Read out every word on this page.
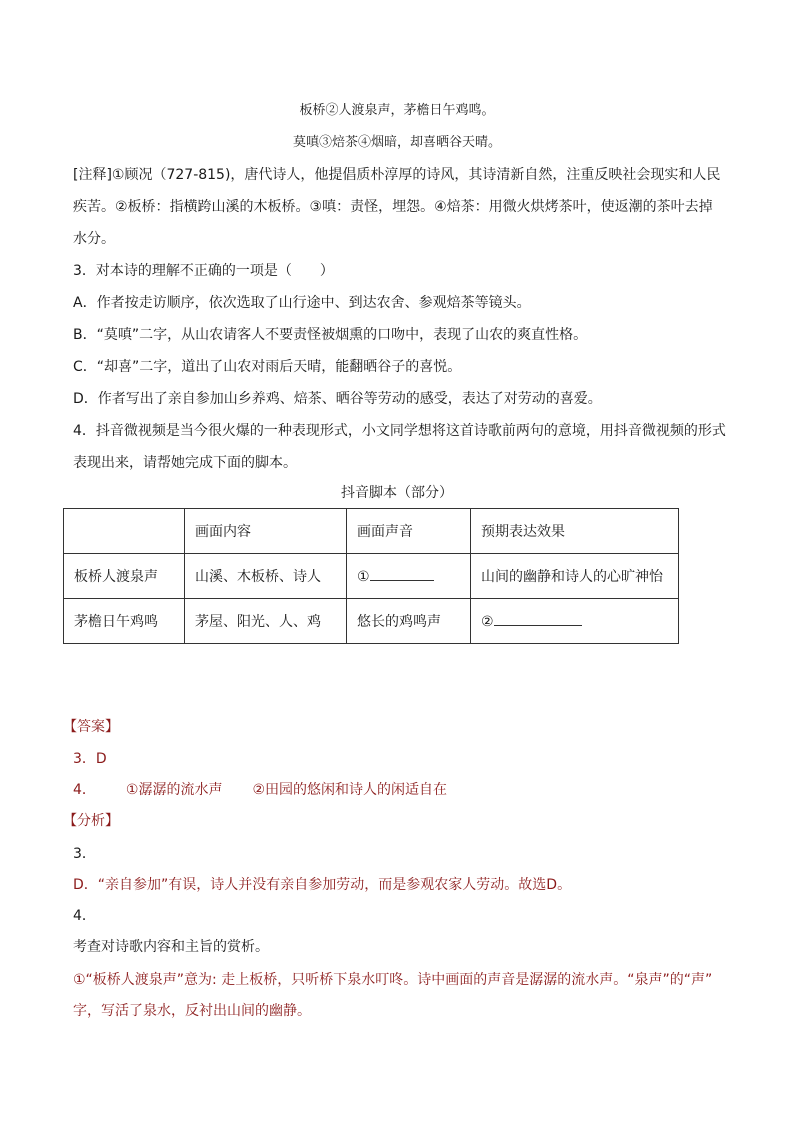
板桥②人渡泉声，茅檐日午鸡鸣。
莫嗔③焙茶④烟暗，却喜晒谷天晴。
[注释]①顾况（727-815)，唐代诗人，他提倡质朴淳厚的诗风，其诗清新自然，注重反映社会现实和人民
疾苦。②板桥：指横跨山溪的木板桥。③嗔：责怪，埋怨。④焙茶：用微火烘烤茶叶，使返潮的茶叶去掉
水分。
3．对本诗的理解不正确的一项是（　　）
A．作者按走访顺序，依次选取了山行途中、到达农舍、参观焙茶等镜头。
B．“莫嗔”二字，从山农请客人不要责怪被烟熏的口吻中，表现了山农的爽直性格。
C．“却喜”二字，道出了山农对雨后天晴，能翻晒谷子的喜悦。
D．作者写出了亲自参加山乡养鸡、焙茶、晒谷等劳动的感受，表达了对劳动的喜爱。
4．抖音微视频是当今很火爆的一种表现形式，小文同学想将这首诗歌前两句的意境，用抖音微视频的形式
表现出来，请帮她完成下面的脚本。
抖音脚本（部分）
	画面内容	画面声音	预期表达效果
板桥人渡泉声	山溪、木板桥、诗人	①	山间的幽静和诗人的心旷神怡
茅檐日午鸡鸣	茅屋、阳光、人、鸡	悠长的鸡鸣声	②
【答案】
3．D
4． ①潺潺的流水声 ②田园的悠闲和诗人的闲适自在
【分析】
3．
D．“亲自参加”有误，诗人并没有亲自参加劳动，而是参观农家人劳动。故选D。
4．
考查对诗歌内容和主旨的赏析。
①“板桥人渡泉声”意为: 走上板桥，只听桥下泉水叮咚。诗中画面的声音是潺潺的流水声。“泉声”的“声”
字，写活了泉水，反衬出山间的幽静。
